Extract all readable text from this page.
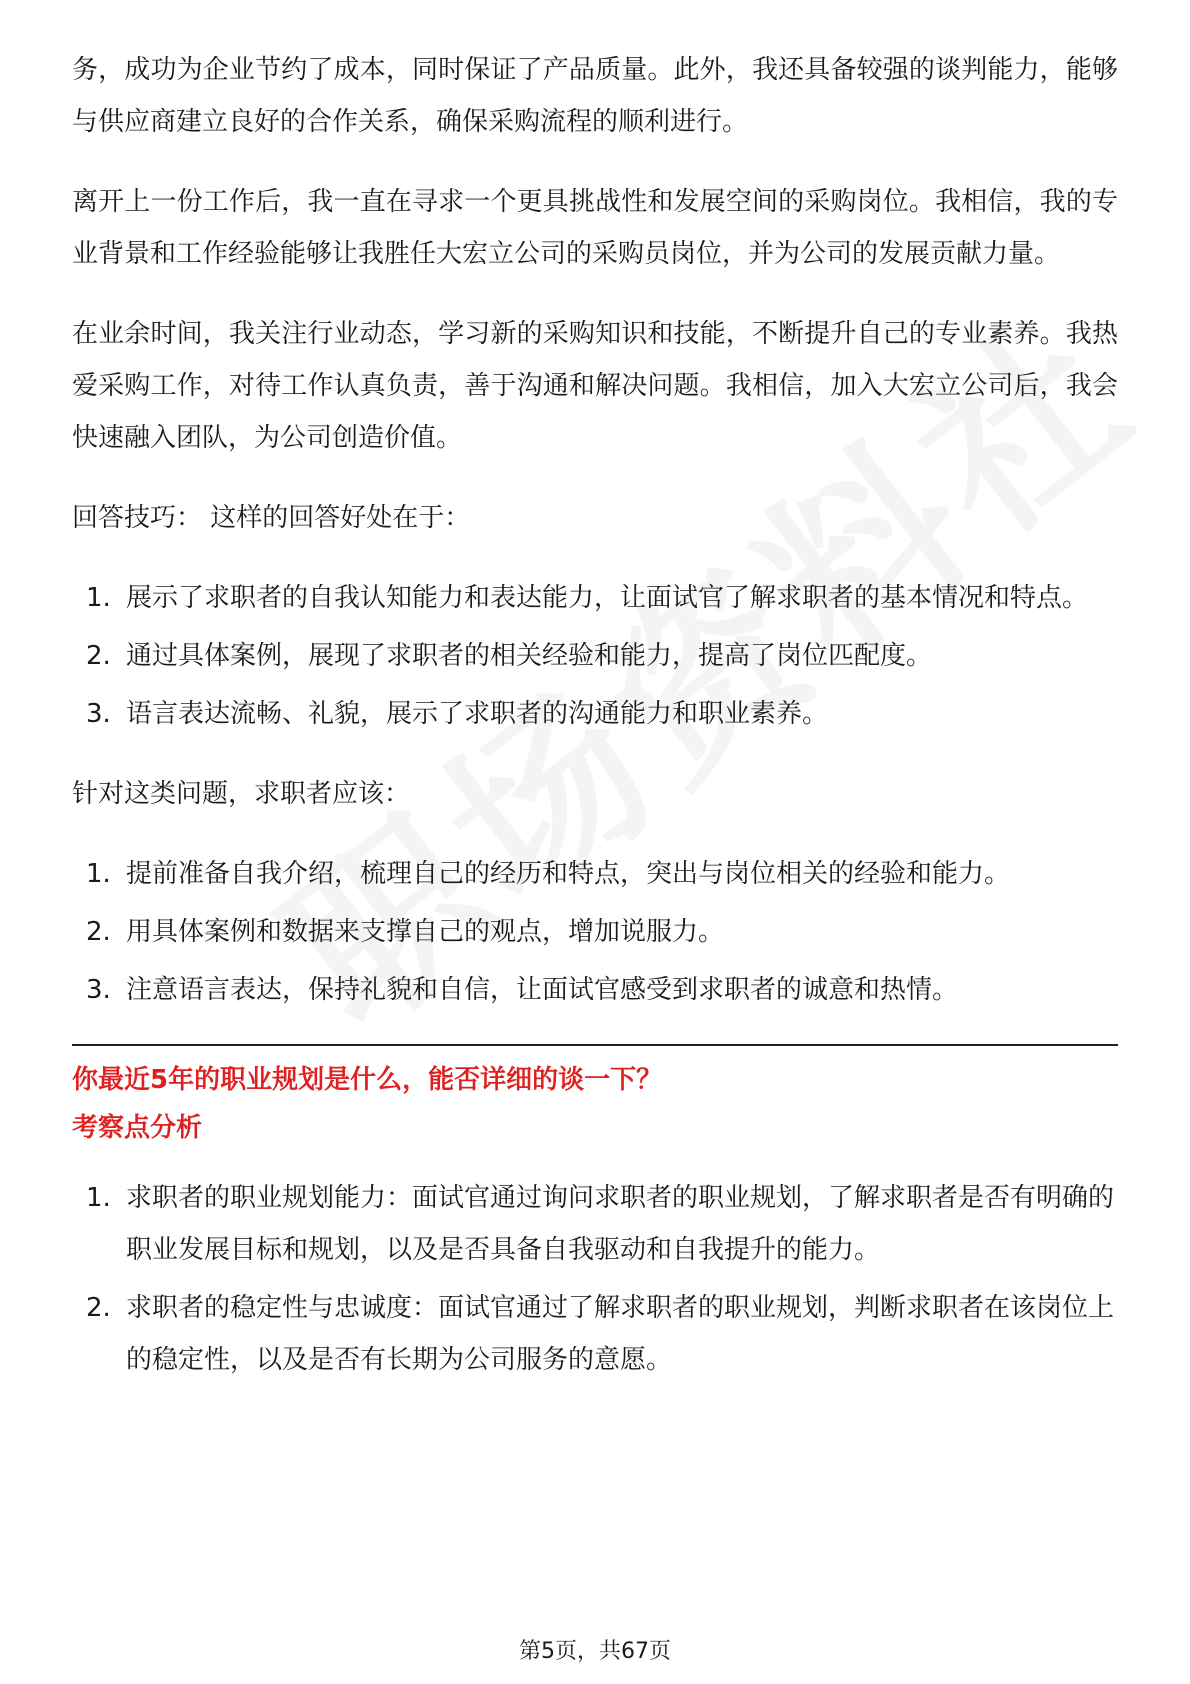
务，成功为企业节约了成本，同时保证了产品质量。此外，我还具备较强的谈判能力，能够与供应商建立良好的合作关系，确保采购流程的顺利进行。

离开上一份工作后，我一直在寻求一个更具挑战性和发展空间的采购岗位。我相信，我的专业背景和工作经验能够让我胜任大宏立公司的采购员岗位，并为公司的发展贡献力量。

在业余时间，我关注行业动态，学习新的采购知识和技能，不断提升自己的专业素养。我热爱采购工作，对待工作认真负责，善于沟通和解决问题。我相信，加入大宏立公司后，我会快速融入团队，为公司创造价值。

回答技巧： 这样的回答好处在于：

1. 展示了求职者的自我认知能力和表达能力，让面试官了解求职者的基本情况和特点。
2. 通过具体案例，展现了求职者的相关经验和能力，提高了岗位匹配度。
3. 语言表达流畅、礼貌，展示了求职者的沟通能力和职业素养。

针对这类问题，求职者应该：

1. 提前准备自我介绍，梳理自己的经历和特点，突出与岗位相关的经验和能力。
2. 用具体案例和数据来支撑自己的观点，增加说服力。
3. 注意语言表达，保持礼貌和自信，让面试官感受到求职者的诚意和热情。

你最近5年的职业规划是什么，能否详细的谈一下？

考察点分析

1. 求职者的职业规划能力：面试官通过询问求职者的职业规划，了解求职者是否有明确的职业发展目标和规划，以及是否具备自我驱动和自我提升的能力。
2. 求职者的稳定性与忠诚度：面试官通过了解求职者的职业规划，判断求职者在该岗位上的稳定性，以及是否有长期为公司服务的意愿。
第5页，共67页
